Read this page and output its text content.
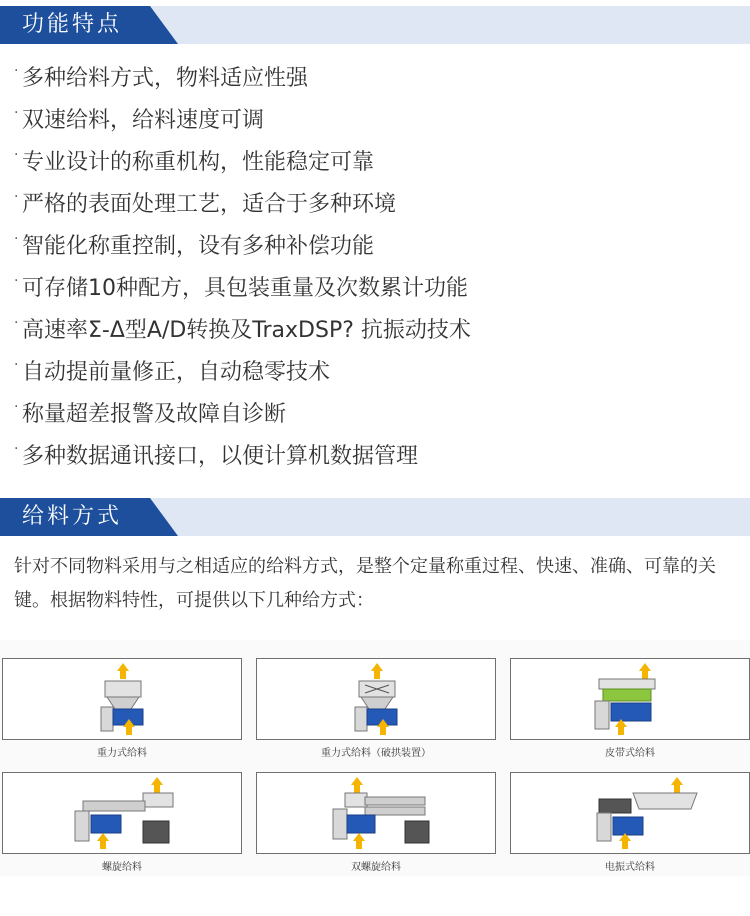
功能特点
· 多种给料方式，物料适应性强
· 双速给料，给料速度可调
· 专业设计的称重机构，性能稳定可靠
· 严格的表面处理工艺，适合于多种环境
· 智能化称重控制，设有多种补偿功能
· 可存储10种配方，具包装重量及次数累计功能
· 高速率Σ-Δ型A/D转换及TraxDSP? 抗振动技术
· 自动提前量修正，自动稳零技术
· 称量超差报警及故障自诊断
· 多种数据通讯接口，以便计算机数据管理
给料方式

针对不同物料采用与之相适应的给料方式，是整个定量称重过程、快速、准确、可靠的关键。根据物料特性，可提供以下几种给方式：

重力式给料	重力式给料（破拱装置）	皮带式给料
螺旋给料	双螺旋给料	电振式给料
